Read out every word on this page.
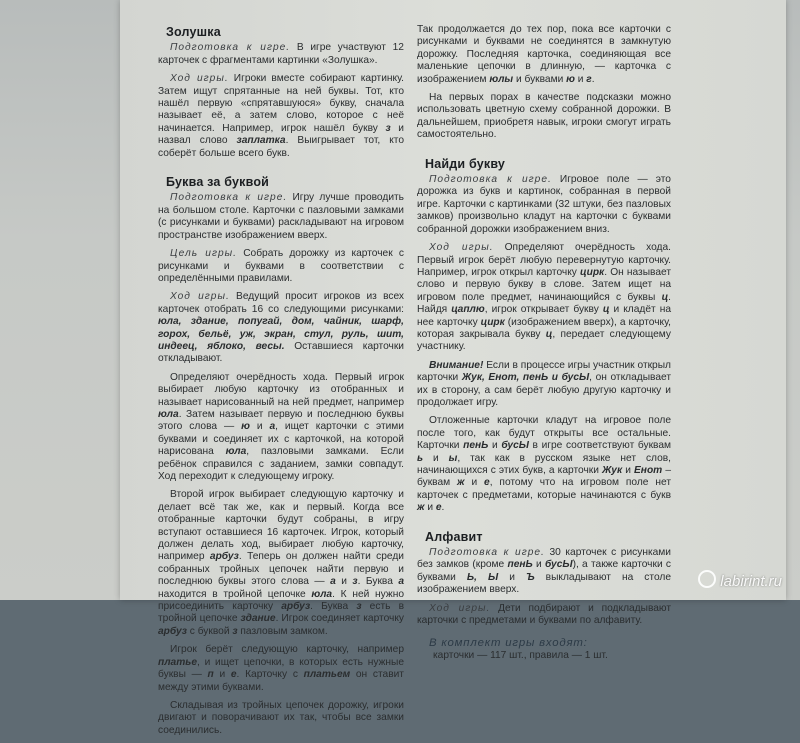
Золушка

Подготовка к игре. В игре участвуют 12 карточек с фрагментами картинки «Золушка».

Ход игры. Игроки вместе собирают картинку. Затем ищут спрятанные на ней буквы. Тот, кто нашёл первую «спрятавшуюся» букву, сначала называет её, а затем слово, которое с неё начинается. Например, игрок нашёл букву з и назвал слово заплатка. Выигрывает тот, кто соберёт больше всего букв.

Буква за буквой

Подготовка к игре. Игру лучше проводить на большом столе. Карточки с пазловыми замками (с рисунками и буквами) раскладывают на игровом пространстве изображением вверх.

Цель игры. Собрать дорожку из карточек с рисунками и буквами в соответствии с определёнными правилами.

Ход игры. Ведущий просит игроков из всех карточек отобрать 16 со следующими рисунками: юла, здание, попугай, дом, чайник, шарф, горох, бельё, уж, экран, стул, руль, шит, индеец, яблоко, весы. Оставшиеся карточки откладывают.

Определяют очерёдность хода. Первый игрок выбирает любую карточку из отобранных и называет нарисованный на ней предмет, например юла. Затем называет первую и последнюю буквы этого слова — ю и а, ищет карточки с этими буквами и соединяет их с карточкой, на которой нарисована юла, пазловыми замками. Если ребёнок справился с заданием, замки совпадут. Ход переходит к следующему игроку.

Второй игрок выбирает следующую карточку и делает всё так же, как и первый. Когда все отобранные карточки будут собраны, в игру вступают оставшиеся 16 карточек. Игрок, который должен делать ход, выбирает любую карточку, например арбуз. Теперь он должен найти среди собранных тройных цепочек найти первую и последнюю буквы этого слова — а и з. Буква а находится в тройной цепочке юла. К ней нужно присоединить карточку арбуз. Буква з есть в тройной цепочке здание. Игрок соединяет карточку арбуз с буквой з пазловым замком.

Игрок берёт следующую карточку, например платье, и ищет цепочки, в которых есть нужные буквы — п и е. Карточку с платьем он ставит между этими буквами.

Складывая из тройных цепочек дорожку, игроки двигают и поворачивают их так, чтобы все замки соединились.

Так продолжается до тех пор, пока все карточки с рисунками и буквами не соединятся в замкнутую дорожку. Последняя карточка, соединяющая все маленькие цепочки в длинную, — карточка с изображением юлы и буквами ю и г.

На первых порах в качестве подсказки можно использовать цветную схему собранной дорожки. В дальнейшем, приобретя навык, игроки смогут играть самостоятельно.

Найди букву

Подготовка к игре. Игровое поле — это дорожка из букв и картинок, собранная в первой игре. Карточки с картинками (32 штуки, без пазловых замков) произвольно кладут на карточки с буквами собранной дорожки изображением вниз.

Ход игры. Определяют очерёдность хода. Первый игрок берёт любую перевернутую карточку. Например, игрок открыл карточку цирк. Он называет слово и первую букву в слове. Затем ищет на игровом поле предмет, начинающийся с буквы ц. Найдя цаплю, игрок открывает букву ц и кладёт на нее карточку цирк (изображением вверх), а карточку, которая закрывала букву ц, передает следующему участнику.

Внимание! Если в процессе игры участник открыл карточки Жук, Енот, пенЬ и бусЫ, он откладывает их в сторону, а сам берёт любую другую карточку и продолжает игру.

Отложенные карточки кладут на игровое поле после того, как будут открыты все остальные. Карточки пенЬ и бусЫ в игре соответствуют буквам ь и ы, так как в русском языке нет слов, начинающихся с этих букв, а карточки Жук и Енот – буквам ж и е, потому что на игровом поле нет карточек с предметами, которые начинаются с букв ж и е.

Алфавит

Подготовка к игре. 30 карточек с рисунками без замков (кроме пенЬ и бусЫ), а также карточки с буквами Ь, Ы и Ъ выкладывают на столе изображением вверх.

Ход игры. Дети подбирают и подкладывают карточки с предметами и буквами по алфавиту.

В комплект игры входят:
карточки — 117 шт., правила — 1 шт.
labirint.ru
